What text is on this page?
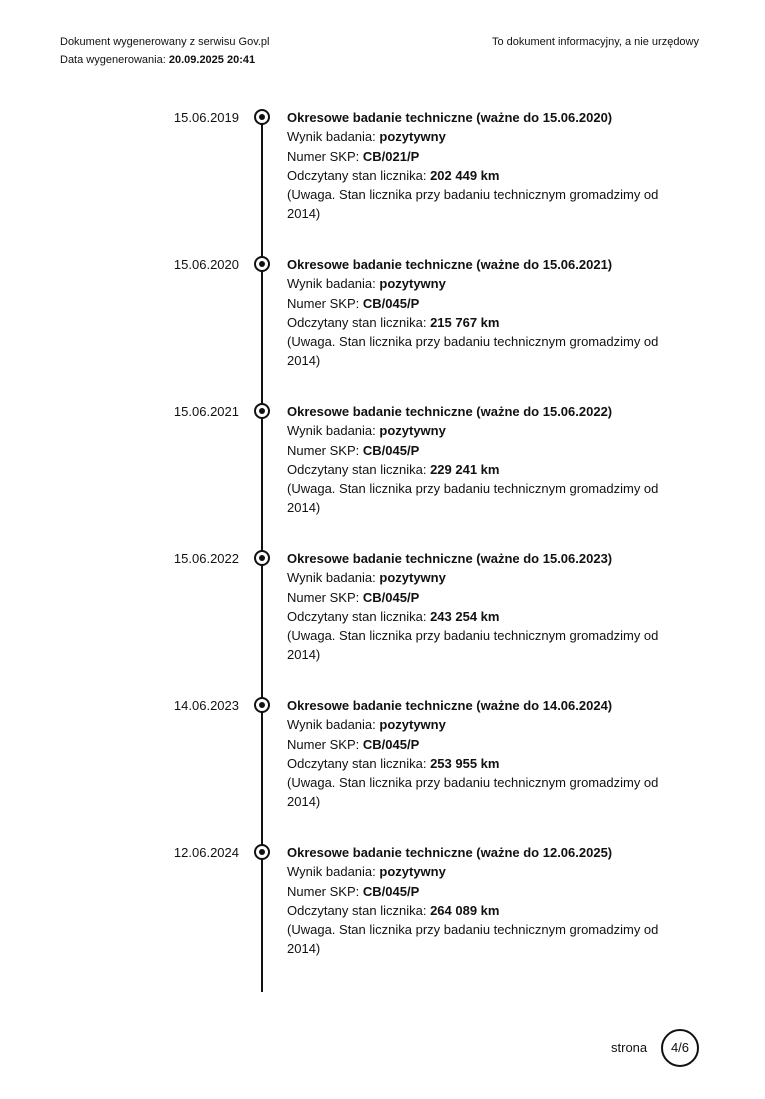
Dokument wygenerowany z serwisu Gov.pl
Data wygenerowania: 20.09.2025 20:41
To dokument informacyjny, a nie urzędowy
15.06.2019	Okresowe badanie techniczne (ważne do 15.06.2020)
Wynik badania: pozytywny
Numer SKP: CB/021/P
Odczytany stan licznika: 202 449 km
(Uwaga. Stan licznika przy badaniu technicznym gromadzimy od 2014)
15.06.2020	Okresowe badanie techniczne (ważne do 15.06.2021)
Wynik badania: pozytywny
Numer SKP: CB/045/P
Odczytany stan licznika: 215 767 km
(Uwaga. Stan licznika przy badaniu technicznym gromadzimy od 2014)
15.06.2021	Okresowe badanie techniczne (ważne do 15.06.2022)
Wynik badania: pozytywny
Numer SKP: CB/045/P
Odczytany stan licznika: 229 241 km
(Uwaga. Stan licznika przy badaniu technicznym gromadzimy od 2014)
15.06.2022	Okresowe badanie techniczne (ważne do 15.06.2023)
Wynik badania: pozytywny
Numer SKP: CB/045/P
Odczytany stan licznika: 243 254 km
(Uwaga. Stan licznika przy badaniu technicznym gromadzimy od 2014)
14.06.2023	Okresowe badanie techniczne (ważne do 14.06.2024)
Wynik badania: pozytywny
Numer SKP: CB/045/P
Odczytany stan licznika: 253 955 km
(Uwaga. Stan licznika przy badaniu technicznym gromadzimy od 2014)
12.06.2024	Okresowe badanie techniczne (ważne do 12.06.2025)
Wynik badania: pozytywny
Numer SKP: CB/045/P
Odczytany stan licznika: 264 089 km
(Uwaga. Stan licznika przy badaniu technicznym gromadzimy od 2014)
strona	4/6
